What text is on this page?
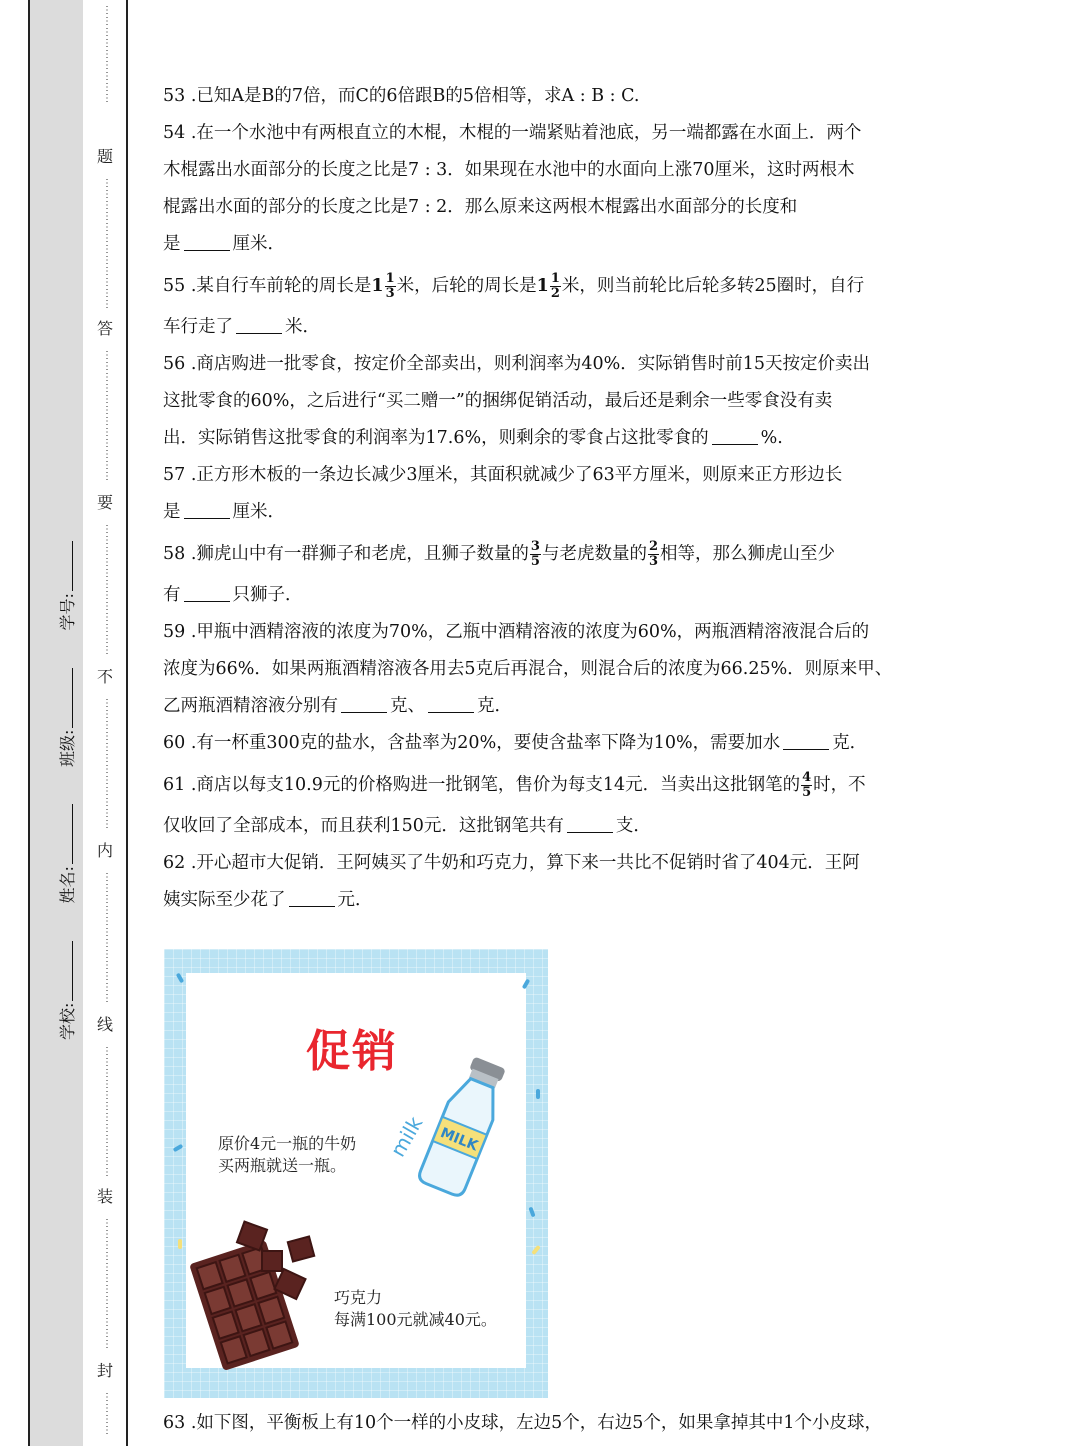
学校: 姓名: 班级: 学号:
⋮
⋮
⋮
⋮
⋮
⋮
⋮
⋮
⋮
题
⋮
⋮
⋮
⋮
⋮
⋮
⋮
⋮
⋮
⋮
⋮
⋮
答
⋮
⋮
⋮
⋮
⋮
⋮
⋮
⋮
⋮
⋮
⋮
⋮
要
⋮
⋮
⋮
⋮
⋮
⋮
⋮
⋮
⋮
⋮
⋮
⋮
不
⋮
⋮
⋮
⋮
⋮
⋮
⋮
⋮
⋮
⋮
⋮
⋮
内
⋮
⋮
⋮
⋮
⋮
⋮
⋮
⋮
⋮
⋮
⋮
⋮
线
⋮
⋮
⋮
⋮
⋮
⋮
⋮
⋮
⋮
⋮
⋮
⋮
装
⋮
⋮
⋮
⋮
⋮
⋮
⋮
⋮
⋮
⋮
⋮
⋮
封
⋮
⋮
⋮
⋮

53 .已知A是B的7倍，而C的6倍跟B的5倍相等，求A : B : C.

54 .在一个水池中有两根直立的木棍，木棍的一端紧贴着池底，另一端都露在水面上．两个

木棍露出水面部分的长度之比是7 : 3．如果现在水池中的水面向上涨70厘米，这时两根木

棍露出水面的部分的长度之比是7 : 2．那么原来这两根木棍露出水面部分的长度和

是	厘米．

55 .某自行车前轮的周长是$1 \frac{1}{3}$ 米，后轮的周长是$1 \frac{1}{2}$ 米，则当前轮比后轮多转25圈时，自行

车行走了	米．

56 .商店购进一批零食，按定价全部卖出，则利润率为40%．实际销售时前15天按定价卖出

这批零食的60%，之后进行“买二赠一”的捆绑促销活动，最后还是剩余一些零食没有卖

出．实际销售这批零食的利润率为17.6%，则剩余的零食占这批零食的	%.

57 .正方形木板的一条边长减少3厘米，其面积就减少了63平方厘米，则原来正方形边长

是	厘米．

58 .狮虎山中有一群狮子和老虎，且狮子数量的 $\frac{3}{5}$ 与老虎数量的 $\frac{2}{3}$ 相等，那么狮虎山至少

有	只狮子．

59 .甲瓶中酒精溶液的浓度为70%，乙瓶中酒精溶液的浓度为60%，两瓶酒精溶液混合后的

浓度为66%．如果两瓶酒精溶液各用去5克后再混合，则混合后的浓度为66.25%．则原来甲、

乙两瓶酒精溶液分别有	克、	克．

60 .有一杯重300克的盐水，含盐率为20%，要使含盐率下降为10%，需要加水	克．

61 .商店以每支10.9元的价格购进一批钢笔，售价为每支14元．当卖出这批钢笔的 $\frac{4}{5}$ 时，不

仅收回了全部成本，而且获利150元．这批钢笔共有	支．

62 .开心超市大促销．王阿姨买了牛奶和巧克力，算下来一共比不促销时省了404元．王阿

姨实际至少花了	元．

促销
原价4元一瓶的牛奶
买两瓶就送一瓶。
MILK
milk
巧克力
每满100元就减40元。
63 .如下图，平衡板上有10个一样的小皮球，左边5个，右边5个，如果拿掉其中1个小皮球，
